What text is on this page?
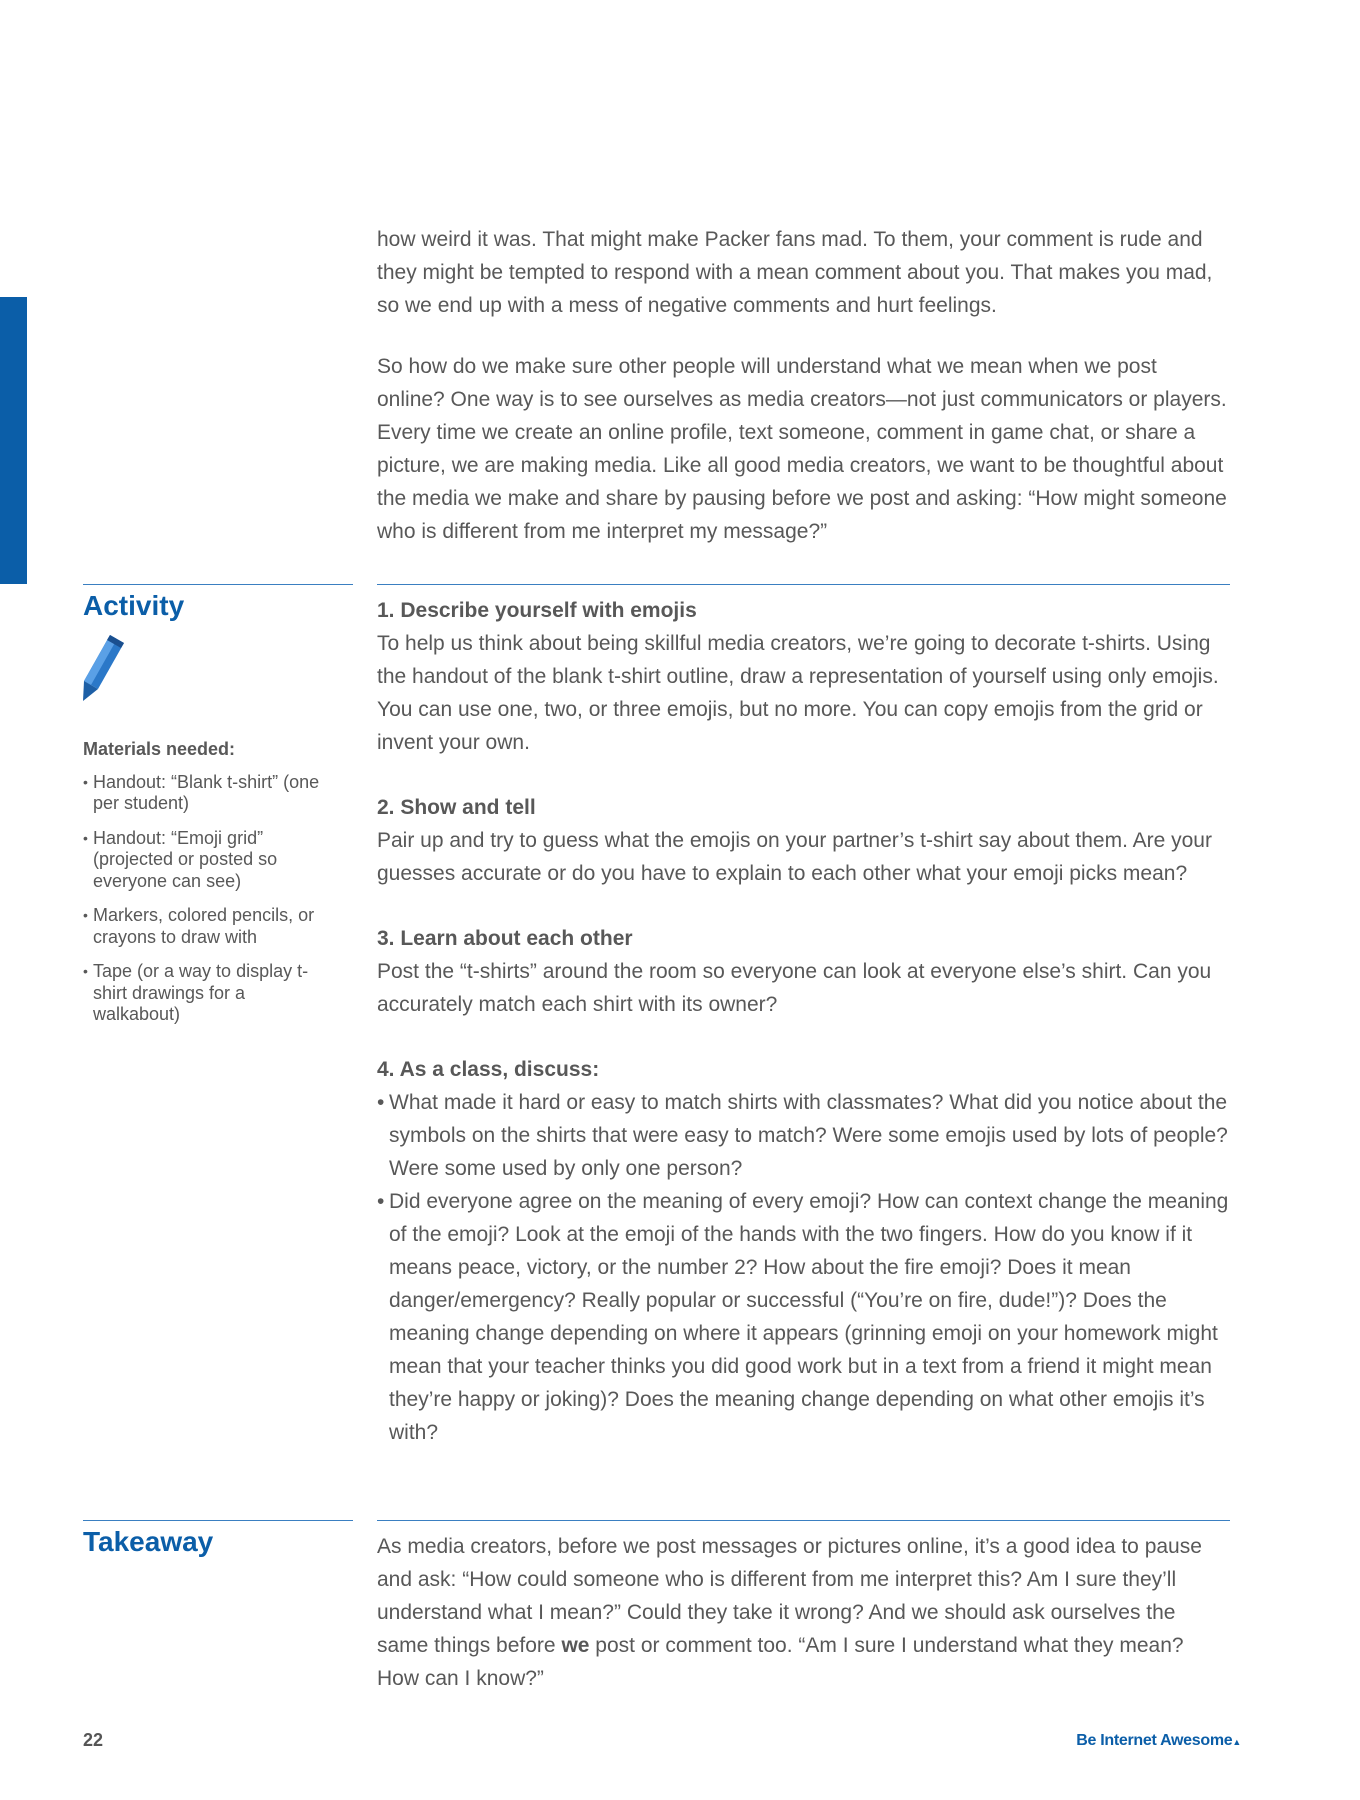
how weird it was. That might make Packer fans mad. To them, your comment is rude and they might be tempted to respond with a mean comment about you. That makes you mad, so we end up with a mess of negative comments and hurt feelings.

So how do we make sure other people will understand what we mean when we post online? One way is to see ourselves as media creators—not just communicators or players. Every time we create an online profile, text someone, comment in game chat, or share a picture, we are making media. Like all good media creators, we want to be thoughtful about the media we make and share by pausing before we post and asking: “How might someone who is different from me interpret my message?”

Activity
Materials needed:
• Handout: “Blank t-shirt” (one per student)
• Handout: “Emoji grid” (projected or posted so everyone can see)
• Markers, colored pencils, or crayons to draw with
• Tape (or a way to display t-shirt drawings for a walkabout)
1. Describe yourself with emojis

To help us think about being skillful media creators, we’re going to decorate t-shirts. Using the handout of the blank t-shirt outline, draw a representation of yourself using only emojis. You can use one, two, or three emojis, but no more. You can copy emojis from the grid or invent your own.

2. Show and tell

Pair up and try to guess what the emojis on your partner’s t-shirt say about them. Are your guesses accurate or do you have to explain to each other what your emoji picks mean?

3. Learn about each other

Post the “t-shirts” around the room so everyone can look at everyone else’s shirt. Can you accurately match each shirt with its owner?

4. As a class, discuss:
• What made it hard or easy to match shirts with classmates? What did you notice about the symbols on the shirts that were easy to match? Were some emojis used by lots of people? Were some used by only one person?
• Did everyone agree on the meaning of every emoji? How can context change the meaning of the emoji? Look at the emoji of the hands with the two fingers. How do you know if it means peace, victory, or the number 2? How about the fire emoji? Does it mean danger/emergency? Really popular or successful (“You’re on fire, dude!”)? Does the meaning change depending on where it appears (grinning emoji on your homework might mean that your teacher thinks you did good work but in a text from a friend it might mean they’re happy or joking)? Does the meaning change depending on what other emojis it’s with?
Takeaway	As media creators, before we post messages or pictures online, it’s a good idea to pause and ask: “How could someone who is different from me interpret this? Am I sure they’ll understand what I mean?” Could they take it wrong? And we should ask ourselves the same things before we post or comment too. “Am I sure I understand what they mean? How can I know?”

22	Be Internet Awesome▲
